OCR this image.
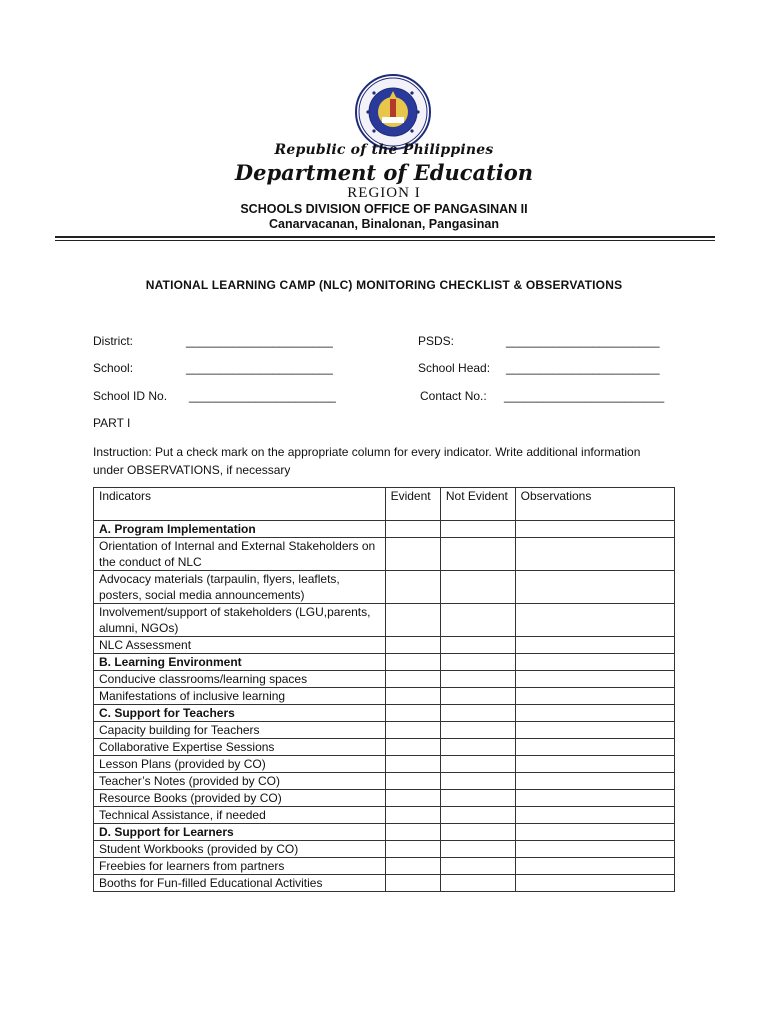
Republic of the Philippines
Department of Education
REGION I
SCHOOLS DIVISION OFFICE OF PANGASINAN II
Canarvacanan, Binalonan, Pangasinan
NATIONAL LEARNING CAMP (NLC) MONITORING CHECKLIST & OBSERVATIONS
District:	______________________	PSDS:	_______________________
School:	______________________	School Head: _______________________
School ID No. ______________________	Contact No.: ________________________
PART I
Instruction: Put a check mark on the appropriate column for every indicator. Write additional information under OBSERVATIONS, if necessary
Indicators	Evident	Not Evident	Observations
A. Program Implementation			
Orientation of Internal and External Stakeholders on the conduct of NLC			
Advocacy materials (tarpaulin, flyers, leaflets, posters, social media announcements)			
Involvement/support of stakeholders (LGU,parents, alumni, NGOs)			
NLC Assessment			
B. Learning Environment			
Conducive classrooms/learning spaces			
Manifestations of inclusive learning			
C. Support for Teachers			
Capacity building for Teachers			
Collaborative Expertise Sessions			
Lesson Plans (provided by CO)			
Teacher’s Notes (provided by CO)			
Resource Books (provided by CO)			
Technical Assistance, if needed			
D. Support for Learners			
Student Workbooks (provided by CO)			
Freebies for learners from partners			
Booths for Fun-filled Educational Activities			
